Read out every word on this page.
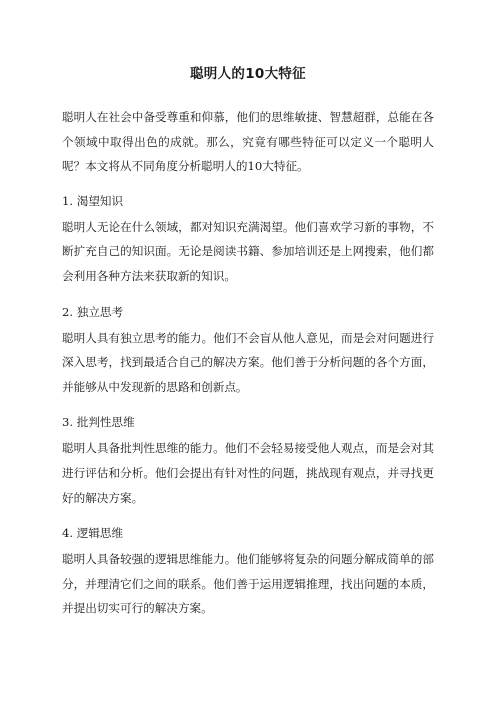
聪明人的10大特征

聪明人在社会中备受尊重和仰慕，他们的思维敏捷、智慧超群，总能在各个领域中取得出色的成就。那么，究竟有哪些特征可以定义一个聪明人呢？本文将从不同角度分析聪明人的10大特征。

1. 渴望知识

聪明人无论在什么领域，都对知识充满渴望。他们喜欢学习新的事物，不断扩充自己的知识面。无论是阅读书籍、参加培训还是上网搜索，他们都会利用各种方法来获取新的知识。

2. 独立思考

聪明人具有独立思考的能力。他们不会盲从他人意见，而是会对问题进行深入思考，找到最适合自己的解决方案。他们善于分析问题的各个方面，并能够从中发现新的思路和创新点。

3. 批判性思维

聪明人具备批判性思维的能力。他们不会轻易接受他人观点，而是会对其进行评估和分析。他们会提出有针对性的问题，挑战现有观点，并寻找更好的解决方案。

4. 逻辑思维

聪明人具备较强的逻辑思维能力。他们能够将复杂的问题分解成简单的部分，并理清它们之间的联系。他们善于运用逻辑推理，找出问题的本质，并提出切实可行的解决方案。
